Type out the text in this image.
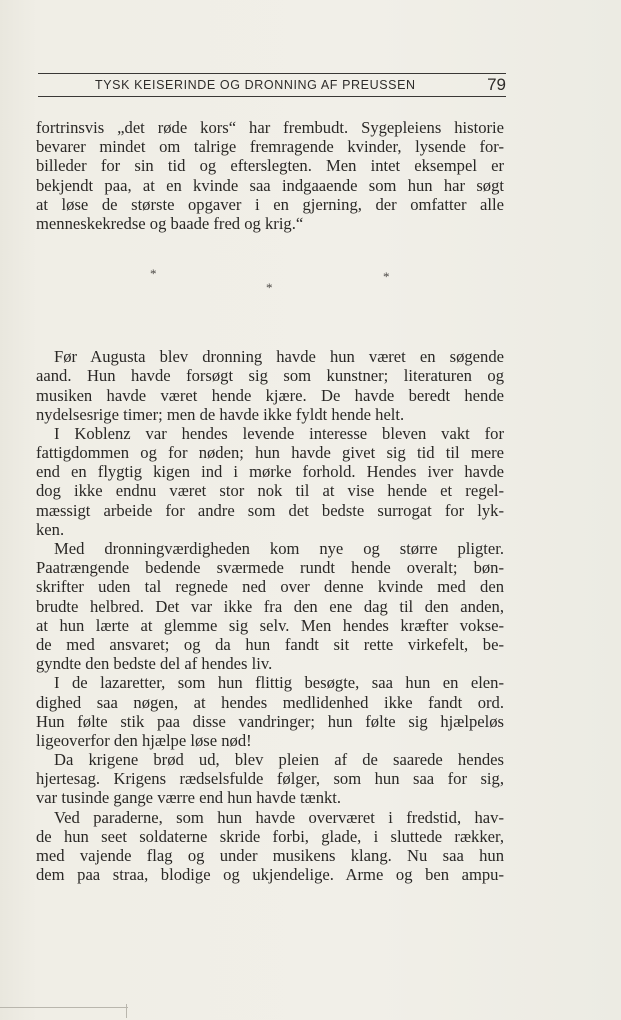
TYSK KEISERINDE OG DRONNING AF PREUSSEN	79
fortrinsvis „det røde kors“ har frembudt. Sygepleiens historie
bevarer mindet om talrige fremragende kvinder, lysende for-
billeder for sin tid og efterslegten. Men intet eksempel er
bekjendt paa, at en kvinde saa indgaaende som hun har søgt
at løse de største opgaver i en gjerning, der omfatter alle
menneskekredse og baade fred og krig.“
Før Augusta blev dronning havde hun været en søgende
aand. Hun havde forsøgt sig som kunstner; literaturen og
musiken havde været hende kjære. De havde beredt hende
nydelsesrige timer; men de havde ikke fyldt hende helt.
I Koblenz var hendes levende interesse bleven vakt for
fattigdommen og for nøden; hun havde givet sig tid til mere
end en flygtig kigen ind i mørke forhold. Hendes iver havde
dog ikke endnu været stor nok til at vise hende et regel-
mæssigt arbeide for andre som det bedste surrogat for lyk-
ken.
Med dronningværdigheden kom nye og større pligter.
Paatrængende bedende sværmede rundt hende overalt; bøn-
skrifter uden tal regnede ned over denne kvinde med den
brudte helbred. Det var ikke fra den ene dag til den anden,
at hun lærte at glemme sig selv. Men hendes kræfter vokse-
de med ansvaret; og da hun fandt sit rette virkefelt, be-
gyndte den bedste del af hendes liv.
I de lazaretter, som hun flittig besøgte, saa hun en elen-
dighed saa nøgen, at hendes medlidenhed ikke fandt ord.
Hun følte stik paa disse vandringer; hun følte sig hjælpeløs
ligeoverfor den hjælpe løse nød!
Da krigene brød ud, blev pleien af de saarede hendes
hjertesag. Krigens rædselsfulde følger, som hun saa for sig,
var tusinde gange værre end hun havde tænkt.
Ved paraderne, som hun havde overværet i fredstid, hav-
de hun seet soldaterne skride forbi, glade, i sluttede rækker,
med vajende flag og under musikens klang. Nu saa hun
dem paa straa, blodige og ukjendelige. Arme og ben ampu-
*
*
*
